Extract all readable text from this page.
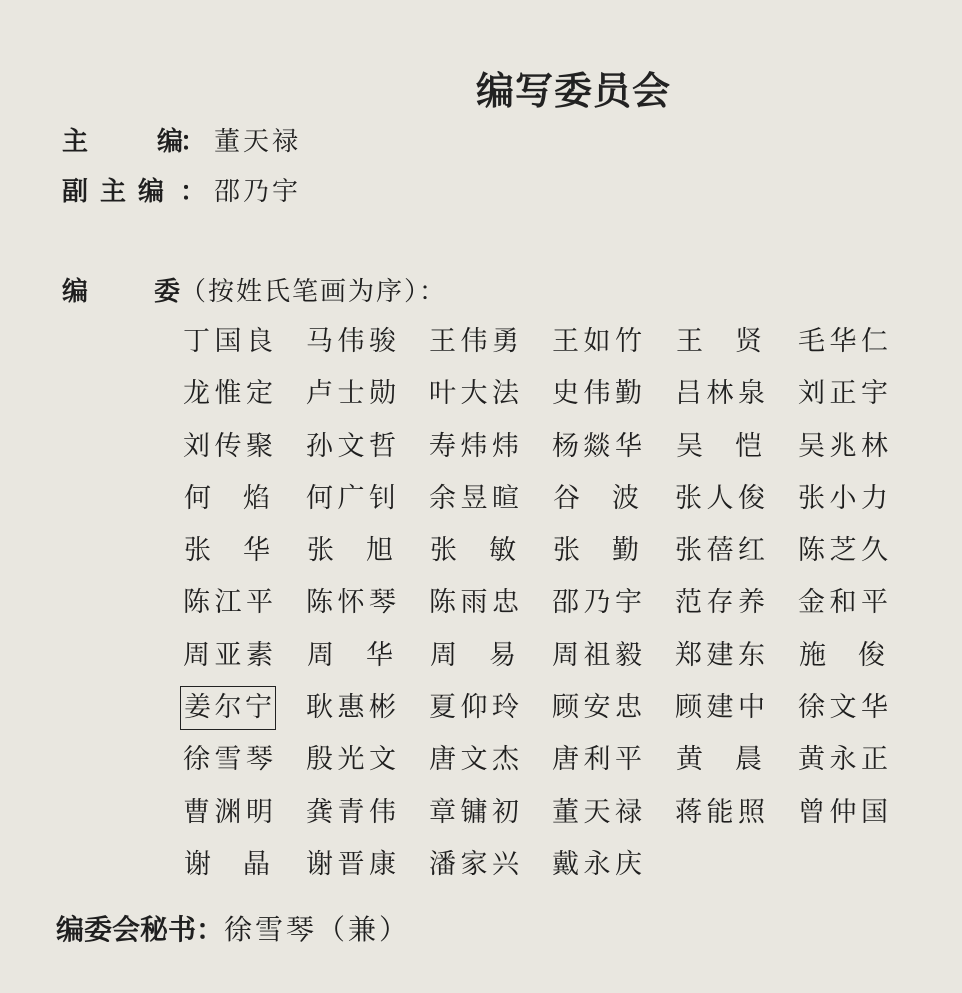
编写委员会
主 编： 董天禄
副主编 ： 邵乃宇
编	委（按姓氏笔画为序）：
丁 国 良 马 伟 骏 王 伟 勇 王 如 竹 王 贤 毛 华 仁
龙 惟 定 卢 士 勋 叶 大 法 史 伟 勤 吕 林 泉 刘 正 宇
刘 传 聚 孙 文 哲 寿 炜 炜 杨 燚 华 吴 恺 吴 兆 林
何 焰 何 广 钊 余 昱 暄 谷 波 张 人 俊 张 小 力
张 华 张 旭 张 敏 张 勤 张 蓓 红 陈 芝 久
陈 江 平 陈 怀 琴 陈 雨 忠 邵 乃 宇 范 存 养 金 和 平
周 亚 素 周 华 周 易 周 祖 毅 郑 建 东 施 俊
姜 尔 宁 耿 惠 彬 夏 仰 玲 顾 安 忠 顾 建 中 徐 文 华
徐 雪 琴 殷 光 文 唐 文 杰 唐 利 平 黄 晨 黄 永 正
曹 渊 明 龚 青 伟 章 镛 初 董 天 禄 蒋 能 照 曾 仲 国
谢 晶 谢 晋 康 潘 家 兴 戴 永 庆
编委会秘书：徐雪琴（兼）
